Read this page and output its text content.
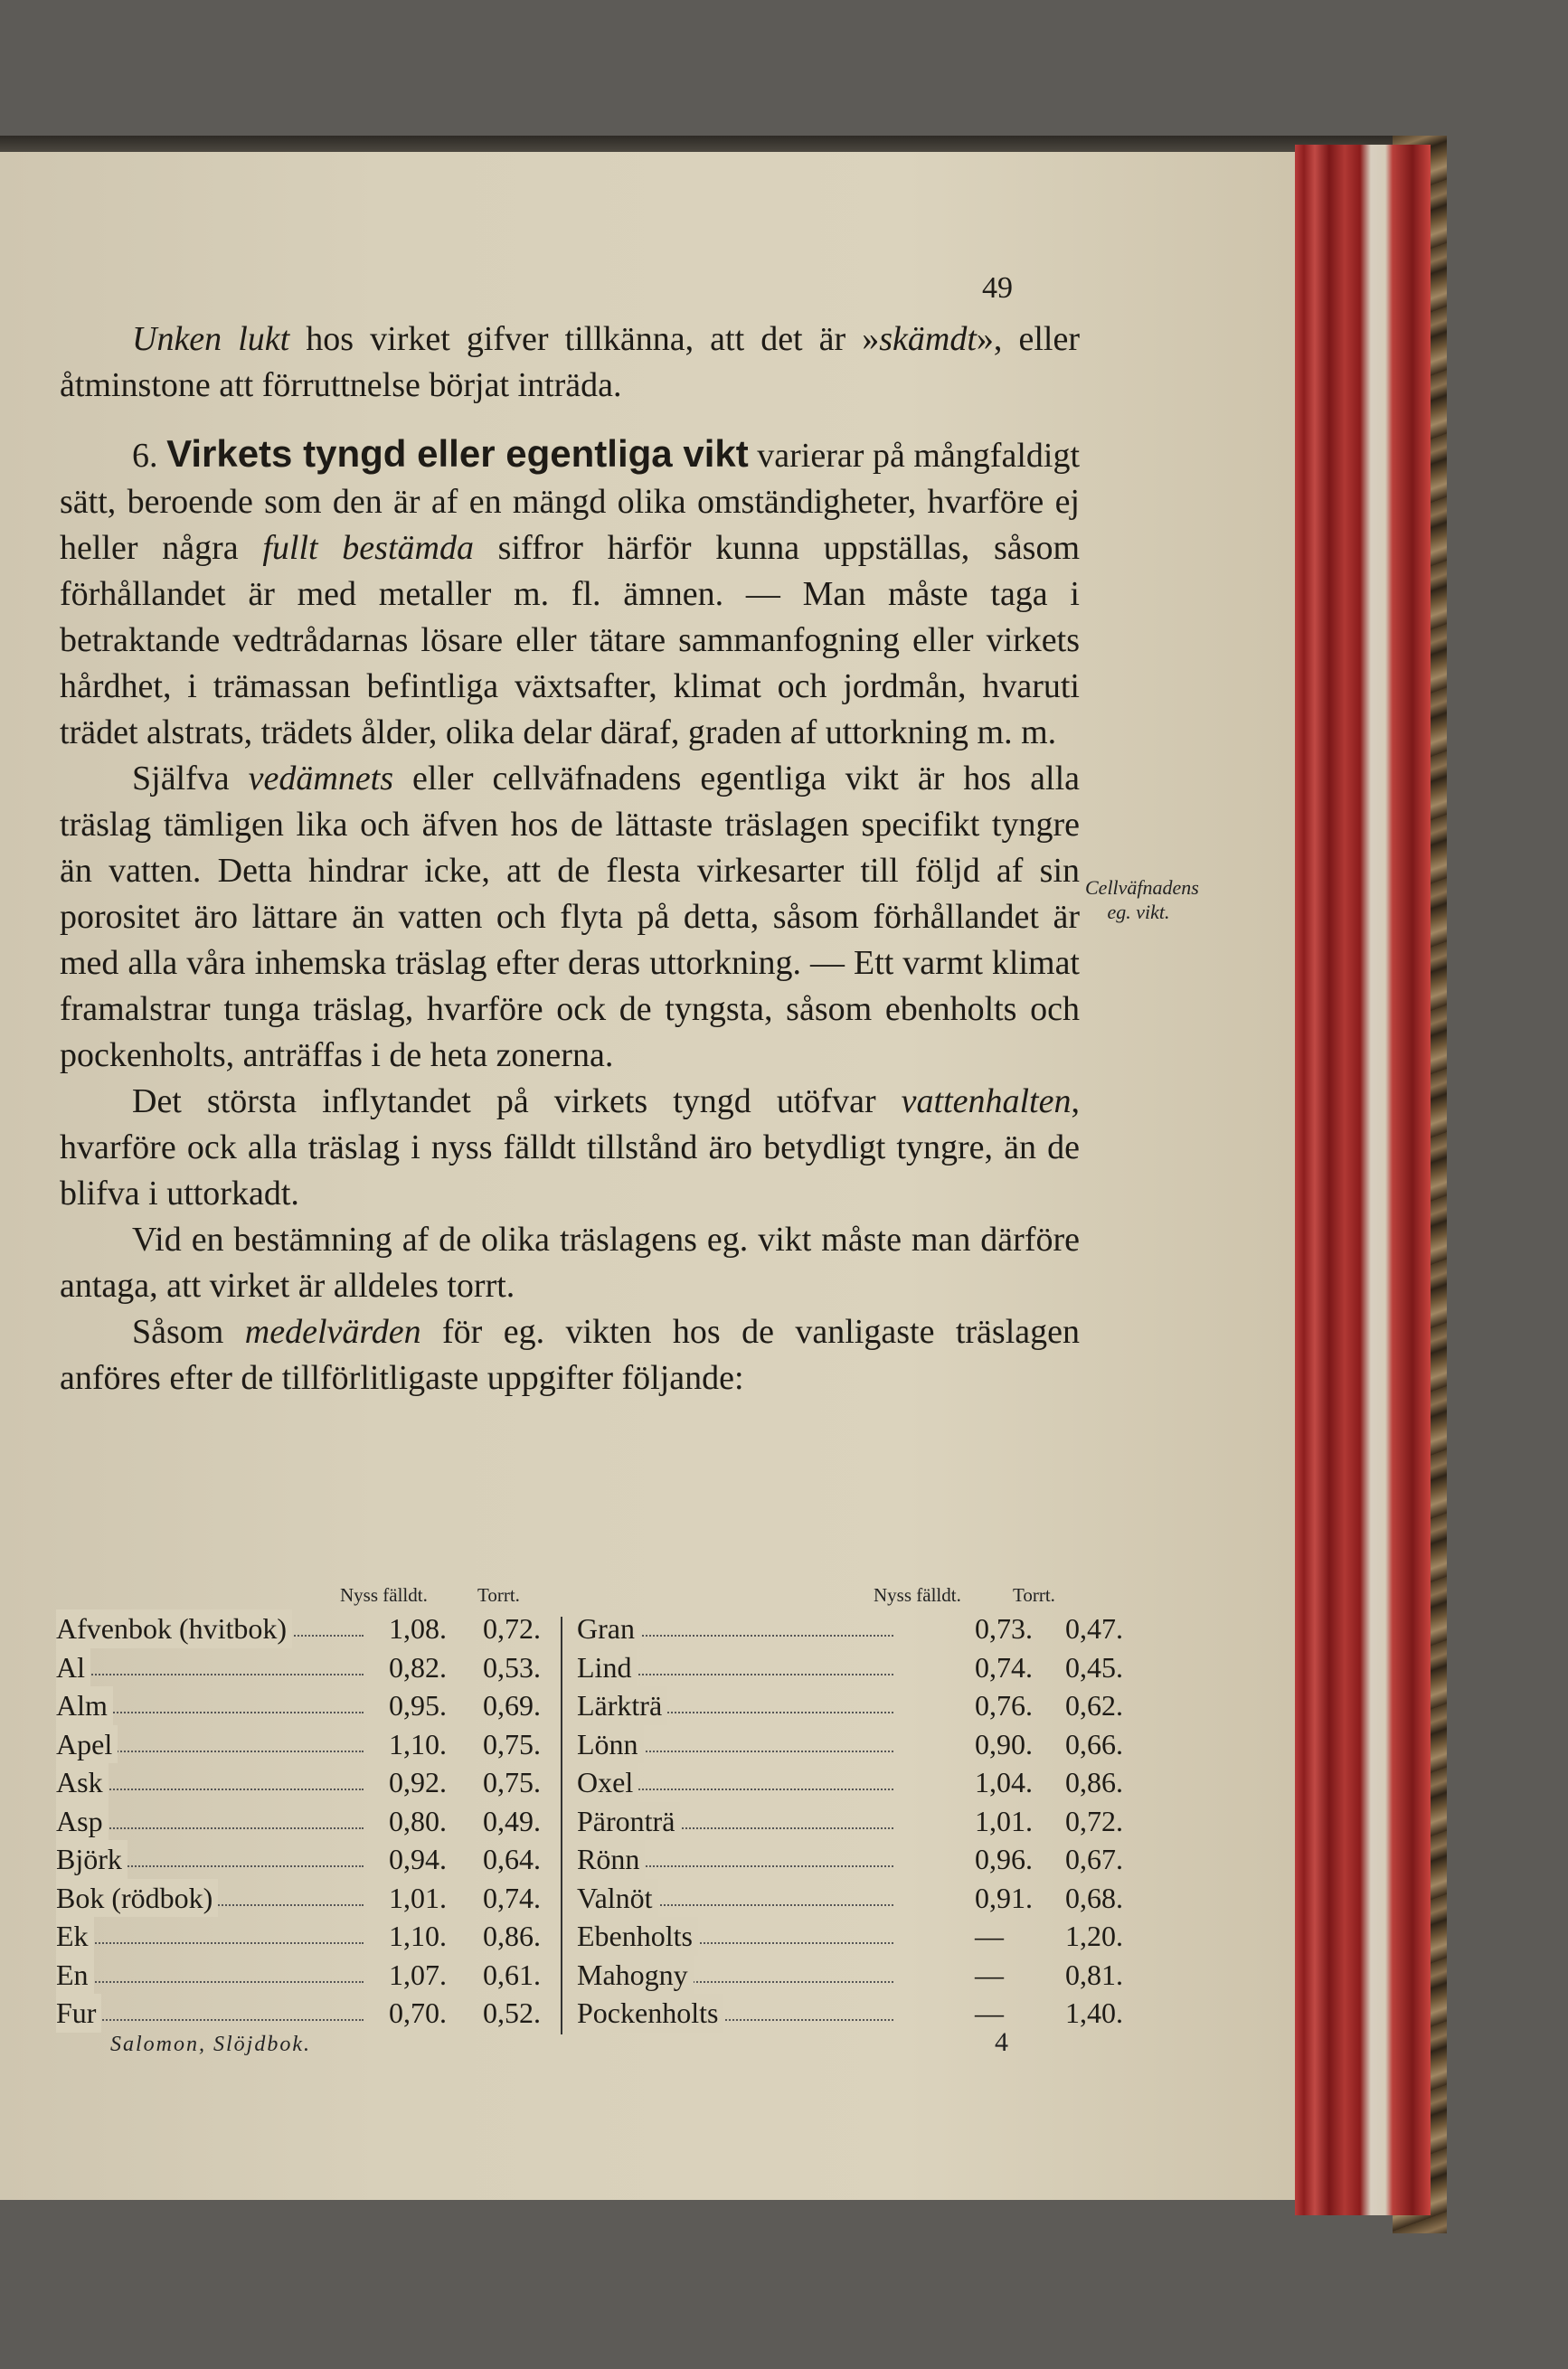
49

Unken lukt hos virket gifver tillkänna, att det är »skämdt», eller åtminstone att förruttnelse börjat inträda.

6. Virkets tyngd eller egentliga vikt varierar på mångfaldigt sätt, beroende som den är af en mängd olika omständigheter, hvarföre ej heller några fullt bestämda siffror härför kunna uppställas, såsom förhållandet är med metaller m. fl. ämnen. — Man måste taga i betraktande vedtrådarnas lösare eller tätare sammanfogning eller virkets hårdhet, i trämassan befintliga växtsafter, klimat och jordmån, hvaruti trädet alstrats, trädets ålder, olika delar däraf, graden af uttorkning m. m.

Själfva vedämnets eller cellväfnadens egentliga vikt är hos alla träslag tämligen lika och äfven hos de lättaste träslagen specifikt tyngre än vatten. Detta hindrar icke, att de flesta virkesarter till följd af sin porositet äro lättare än vatten och flyta på detta, såsom förhållandet är med alla våra inhemska träslag efter deras uttorkning. — Ett varmt klimat framalstrar tunga träslag, hvarföre ock de tyngsta, såsom ebenholts och pockenholts, anträffas i de heta zonerna.

Det största inflytandet på virkets tyngd utöfvar vattenhalten, hvarföre ock alla träslag i nyss fälldt tillstånd äro betydligt tyngre, än de blifva i uttorkadt.

Vid en bestämning af de olika träslagens eg. vikt måste man därföre antaga, att virket är alldeles torrt.

Såsom medelvärden för eg. vikten hos de vanligaste träslagen anföres efter de tillförlitligaste uppgifter följande:

Cellväfnadens eg. vikt.
Nyss fälldt.	Torrt.	Nyss fälldt.	Torrt.
Afvenbok (hvitbok)	1,08. 0,72.
Al	0,82. 0,53.
Alm	0,95. 0,69.
Apel	1,10. 0,75.
Ask	0,92. 0,75.
Asp	0,80. 0,49.
Björk	0,94. 0,64.
Bok (rödbok)	1,01. 0,74.
Ek	1,10. 0,86.
En	1,07. 0,61.
Fur	0,70. 0,52.
Gran	0,73. 0,47.
Lind	0,74. 0,45.
Lärkträ	0,76. 0,62.
Lönn	0,90. 0,66.
Oxel	1,04. 0,86.
Päronträ	1,01. 0,72.
Rönn	0,96. 0,67.
Valnöt	0,91. 0,68.
Ebenholts	—	1,20.
Mahogny	—	0,81.
Pockenholts	—	1,40.
Salomon, Slöjdbok.	4
